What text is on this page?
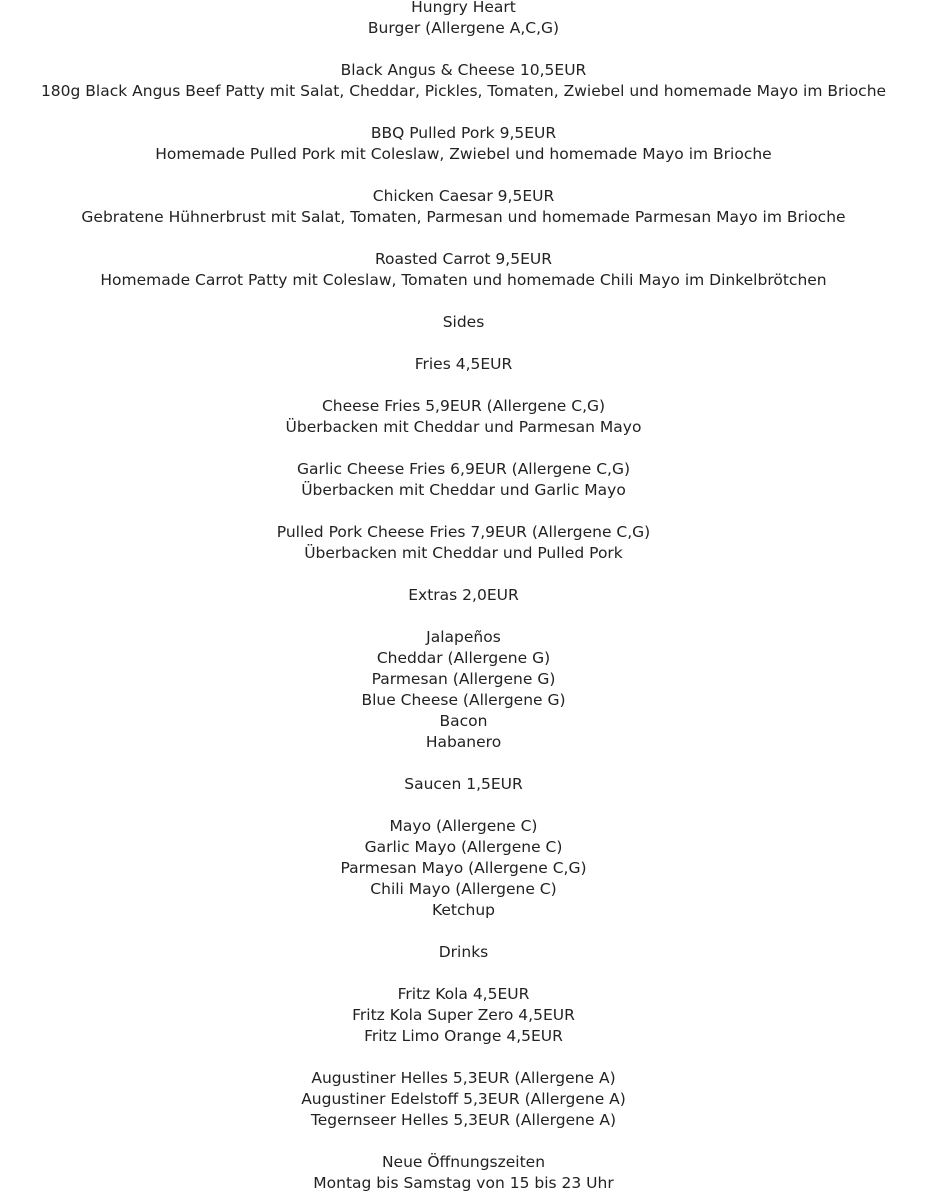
Hungry Heart
Burger (Allergene A,C,G)
Black Angus & Cheese 10,5EUR
180g Black Angus Beef Patty mit Salat, Cheddar, Pickles, Tomaten, Zwiebel und homemade Mayo im Brioche
BBQ Pulled Pork 9,5EUR
Homemade Pulled Pork mit Coleslaw, Zwiebel und homemade Mayo im Brioche
Chicken Caesar 9,5EUR
Gebratene Hühnerbrust mit Salat, Tomaten, Parmesan und homemade Parmesan Mayo im Brioche
Roasted Carrot 9,5EUR
Homemade Carrot Patty mit Coleslaw, Tomaten und homemade Chili Mayo im Dinkelbrötchen
Sides
Fries 4,5EUR
Cheese Fries 5,9EUR (Allergene C,G)
Überbacken mit Cheddar und Parmesan Mayo
Garlic Cheese Fries 6,9EUR (Allergene C,G)
Überbacken mit Cheddar und Garlic Mayo
Pulled Pork Cheese Fries 7,9EUR (Allergene C,G)
Überbacken mit Cheddar und Pulled Pork
Extras 2,0EUR
Jalapeños
Cheddar (Allergene G)
Parmesan (Allergene G)
Blue Cheese (Allergene G)
Bacon
Habanero
Saucen 1,5EUR
Mayo (Allergene C)
Garlic Mayo (Allergene C)
Parmesan Mayo (Allergene C,G)
Chili Mayo (Allergene C)
Ketchup
Drinks
Fritz Kola 4,5EUR
Fritz Kola Super Zero 4,5EUR
Fritz Limo Orange 4,5EUR
Augustiner Helles 5,3EUR (Allergene A)
Augustiner Edelstoff 5,3EUR (Allergene A)
Tegernseer Helles 5,3EUR (Allergene A)
Neue Öffnungszeiten
Montag bis Samstag von 15 bis 23 Uhr
